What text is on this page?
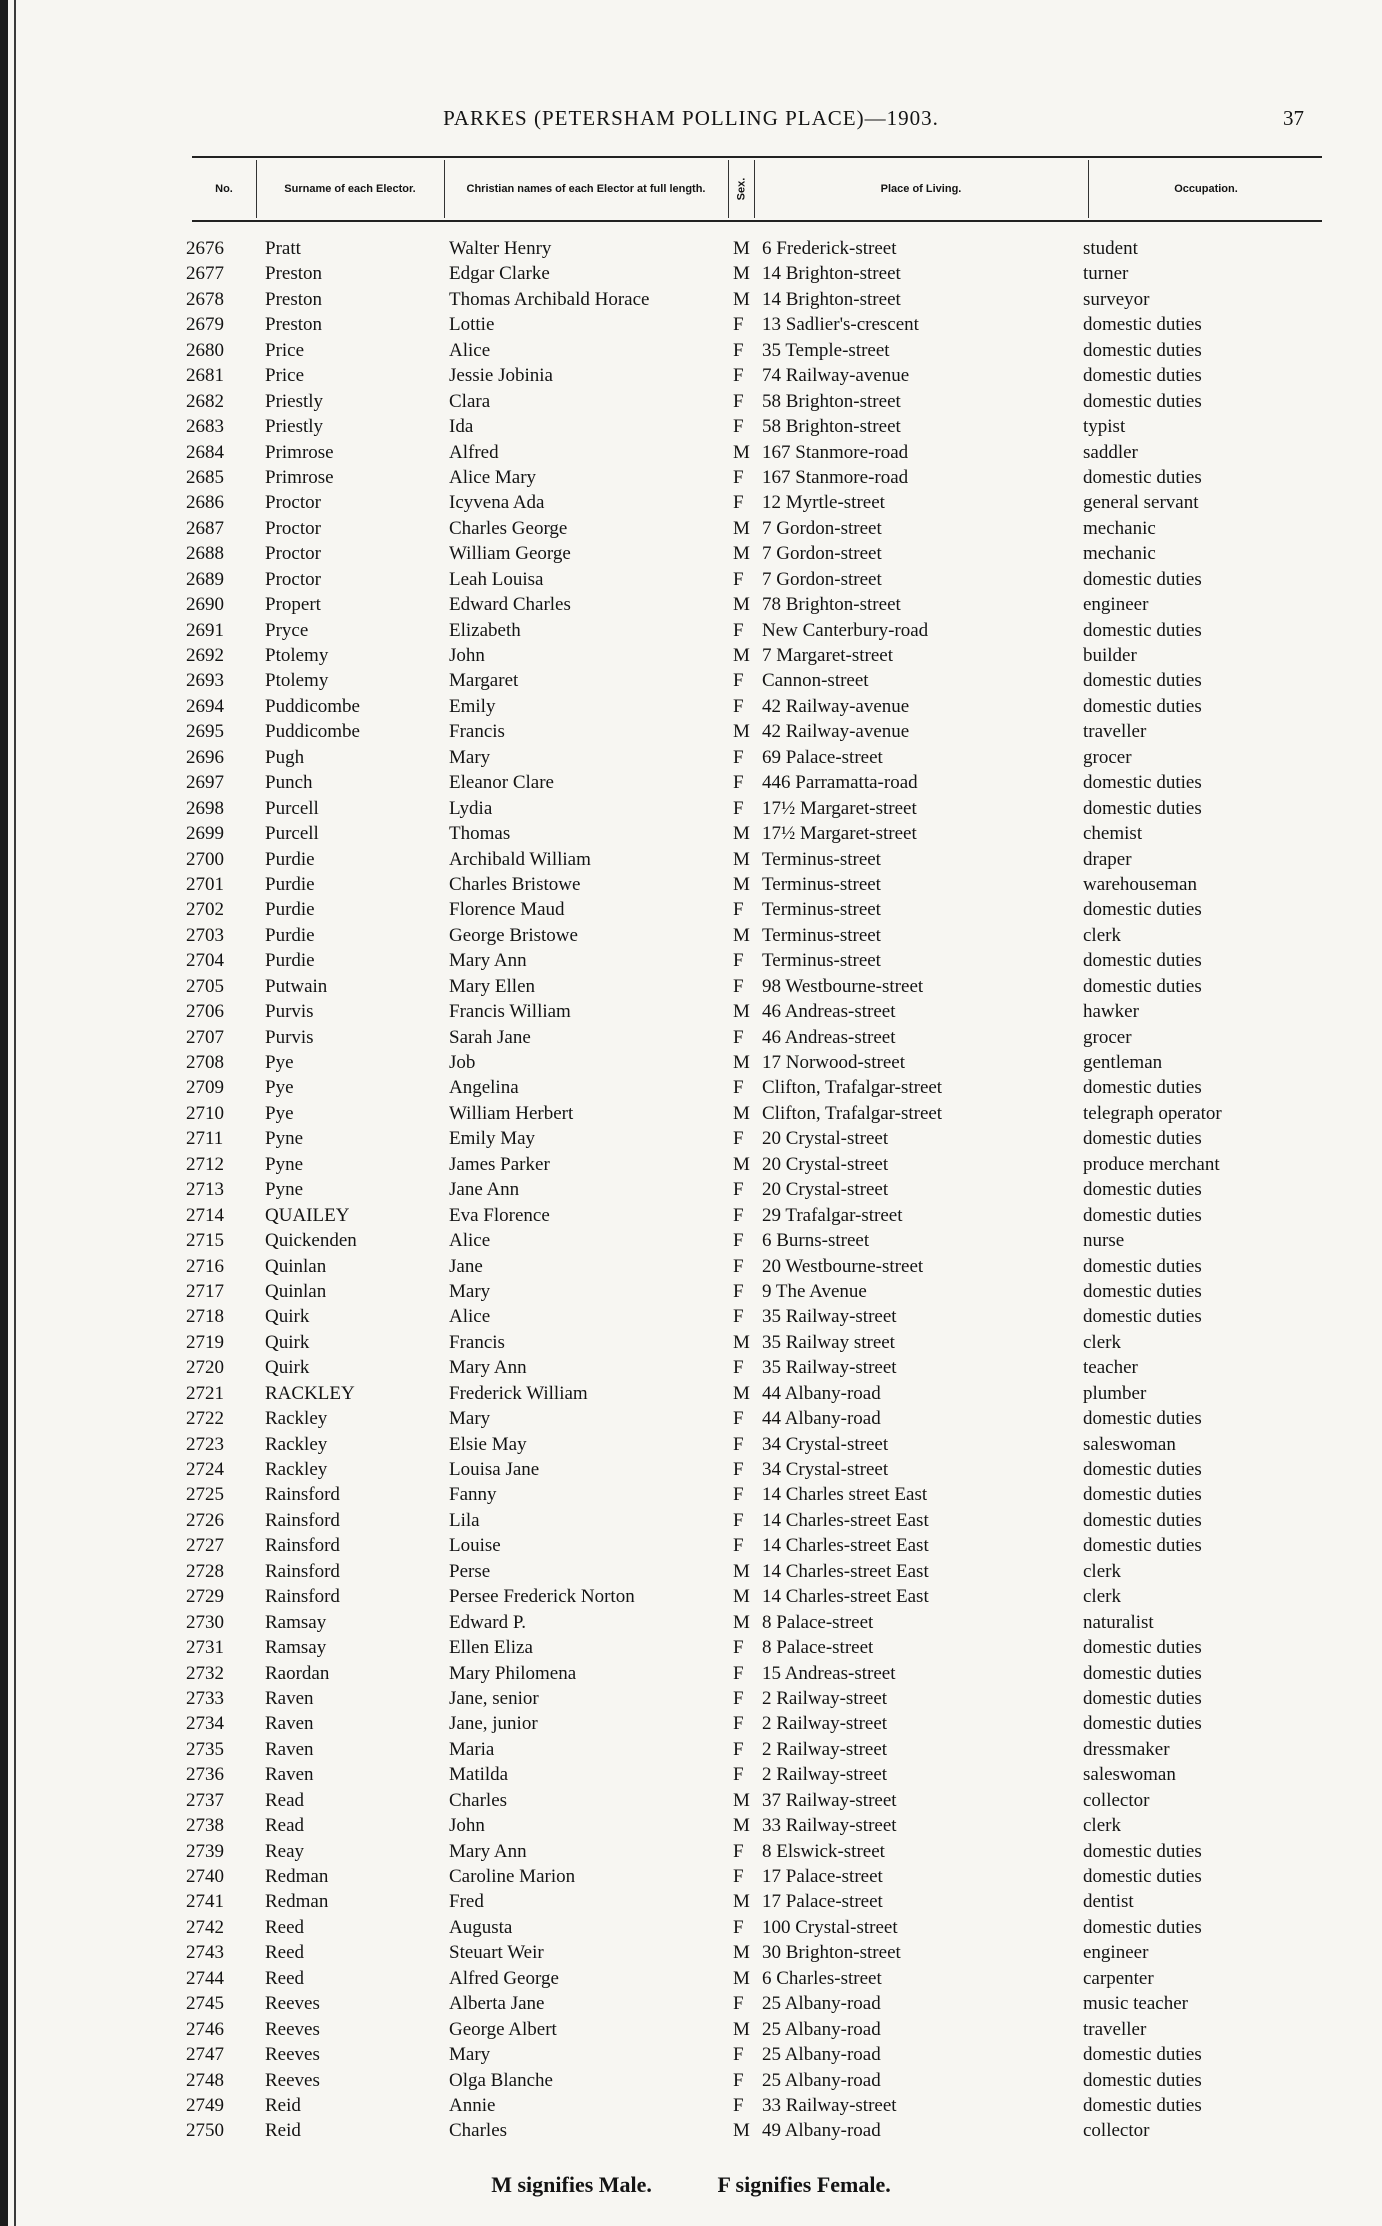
PARKES (PETERSHAM POLLING PLACE)—1903.	37
No.	Surname of each Elector.	Christian names of each Elector at full length.	Sex.	Place of Living.	Occupation.
2676 Pratt	Walter Henry	M 6 Frederick-street	student
2677 Preston	Edgar Clarke	M 14 Brighton-street	turner
2678 Preston	Thomas Archibald Horace	M 14 Brighton-street	surveyor
2679 Preston	Lottie	F 13 Sadlier's-crescent	domestic duties
2680 Price	Alice	F 35 Temple-street	domestic duties
2681 Price	Jessie Jobinia	F 74 Railway-avenue	domestic duties
2682 Priestly	Clara	F 58 Brighton-street	domestic duties
2683 Priestly	Ida	F 58 Brighton-street	typist
2684 Primrose	Alfred	M 167 Stanmore-road	saddler
2685 Primrose	Alice Mary	F 167 Stanmore-road	domestic duties
2686 Proctor	Icyvena Ada	F 12 Myrtle-street	general servant
2687 Proctor	Charles George	M 7 Gordon-street	mechanic
2688 Proctor	William George	M 7 Gordon-street	mechanic
2689 Proctor	Leah Louisa	F 7 Gordon-street	domestic duties
2690 Propert	Edward Charles	M 78 Brighton-street	engineer
2691 Pryce	Elizabeth	F New Canterbury-road	domestic duties
2692 Ptolemy	John	M 7 Margaret-street	builder
2693 Ptolemy	Margaret	F Cannon-street	domestic duties
2694 Puddicombe	Emily	F 42 Railway-avenue	domestic duties
2695 Puddicombe	Francis	M 42 Railway-avenue	traveller
2696 Pugh	Mary	F 69 Palace-street	grocer
2697 Punch	Eleanor Clare	F 446 Parramatta-road	domestic duties
2698 Purcell	Lydia	F 17½ Margaret-street	domestic duties
2699 Purcell	Thomas	M 17½ Margaret-street	chemist
2700 Purdie	Archibald William	M Terminus-street	draper
2701 Purdie	Charles Bristowe	M Terminus-street	warehouseman
2702 Purdie	Florence Maud	F Terminus-street	domestic duties
2703 Purdie	George Bristowe	M Terminus-street	clerk
2704 Purdie	Mary Ann	F Terminus-street	domestic duties
2705 Putwain	Mary Ellen	F 98 Westbourne-street	domestic duties
2706 Purvis	Francis William	M 46 Andreas-street	hawker
2707 Purvis	Sarah Jane	F 46 Andreas-street	grocer
2708 Pye	Job	M 17 Norwood-street	gentleman
2709 Pye	Angelina	F Clifton, Trafalgar-street	domestic duties
2710 Pye	William Herbert	M Clifton, Trafalgar-street	telegraph operator
2711 Pyne	Emily May	F 20 Crystal-street	domestic duties
2712 Pyne	James Parker	M 20 Crystal-street	produce merchant
2713 Pyne	Jane Ann	F 20 Crystal-street	domestic duties
2714 QUAILEY	Eva Florence	F 29 Trafalgar-street	domestic duties
2715 Quickenden	Alice	F 6 Burns-street	nurse
2716 Quinlan	Jane	F 20 Westbourne-street	domestic duties
2717 Quinlan	Mary	F 9 The Avenue	domestic duties
2718 Quirk	Alice	F 35 Railway-street	domestic duties
2719 Quirk	Francis	M 35 Railway street	clerk
2720 Quirk	Mary Ann	F 35 Railway-street	teacher
2721 RACKLEY	Frederick William	M 44 Albany-road	plumber
2722 Rackley	Mary	F 44 Albany-road	domestic duties
2723 Rackley	Elsie May	F 34 Crystal-street	saleswoman
2724 Rackley	Louisa Jane	F 34 Crystal-street	domestic duties
2725 Rainsford	Fanny	F 14 Charles street East	domestic duties
2726 Rainsford	Lila	F 14 Charles-street East	domestic duties
2727 Rainsford	Louise	F 14 Charles-street East	domestic duties
2728 Rainsford	Perse	M 14 Charles-street East	clerk
2729 Rainsford	Persee Frederick Norton	M 14 Charles-street East	clerk
2730 Ramsay	Edward P.	M 8 Palace-street	naturalist
2731 Ramsay	Ellen Eliza	F 8 Palace-street	domestic duties
2732 Raordan	Mary Philomena	F 15 Andreas-street	domestic duties
2733 Raven	Jane, senior	F 2 Railway-street	domestic duties
2734 Raven	Jane, junior	F 2 Railway-street	domestic duties
2735 Raven	Maria	F 2 Railway-street	dressmaker
2736 Raven	Matilda	F 2 Railway-street	saleswoman
2737 Read	Charles	M 37 Railway-street	collector
2738 Read	John	M 33 Railway-street	clerk
2739 Reay	Mary Ann	F 8 Elswick-street	domestic duties
2740 Redman	Caroline Marion	F 17 Palace-street	domestic duties
2741 Redman	Fred	M 17 Palace-street	dentist
2742 Reed	Augusta	F 100 Crystal-street	domestic duties
2743 Reed	Steuart Weir	M 30 Brighton-street	engineer
2744 Reed	Alfred George	M 6 Charles-street	carpenter
2745 Reeves	Alberta Jane	F 25 Albany-road	music teacher
2746 Reeves	George Albert	M 25 Albany-road	traveller
2747 Reeves	Mary	F 25 Albany-road	domestic duties
2748 Reeves	Olga Blanche	F 25 Albany-road	domestic duties
2749 Reid	Annie	F 33 Railway-street	domestic duties
2750 Reid	Charles	M 49 Albany-road	collector
M signifies Male.	F signifies Female.
